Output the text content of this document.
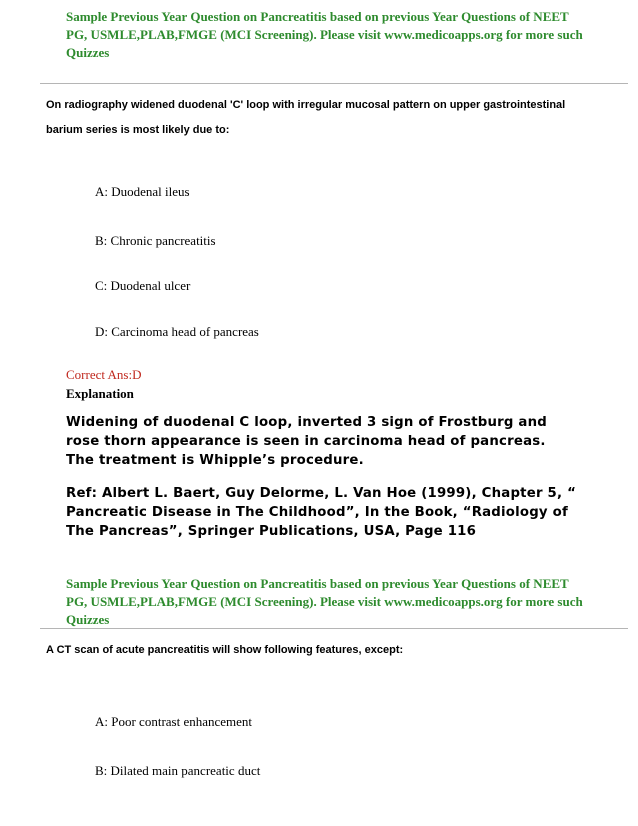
Sample Previous Year Question on Pancreatitis based on previous Year Questions of NEET PG, USMLE,PLAB,FMGE (MCI Screening). Please visit www.medicoapps.org for more such Quizzes
On radiography widened duodenal 'C' loop with irregular mucosal pattern on upper gastrointestinal barium series is most likely due to:
A: Duodenal ileus
B: Chronic pancreatitis
C: Duodenal ulcer
D: Carcinoma head of pancreas
Correct Ans:D
Explanation
Widening of duodenal C loop, inverted 3 sign of Frostburg and rose thorn appearance is seen in carcinoma head of pancreas. The treatment is Whipple’s procedure.
Ref: Albert L. Baert, Guy Delorme, L. Van Hoe (1999), Chapter 5, “ Pancreatic Disease in The Childhood”, In the Book, “Radiology of The Pancreas”, Springer Publications, USA, Page 116
Sample Previous Year Question on Pancreatitis based on previous Year Questions of NEET PG, USMLE,PLAB,FMGE (MCI Screening). Please visit www.medicoapps.org for more such Quizzes
A CT scan of acute pancreatitis will show following features, except:
A: Poor contrast enhancement
B: Dilated main pancreatic duct
